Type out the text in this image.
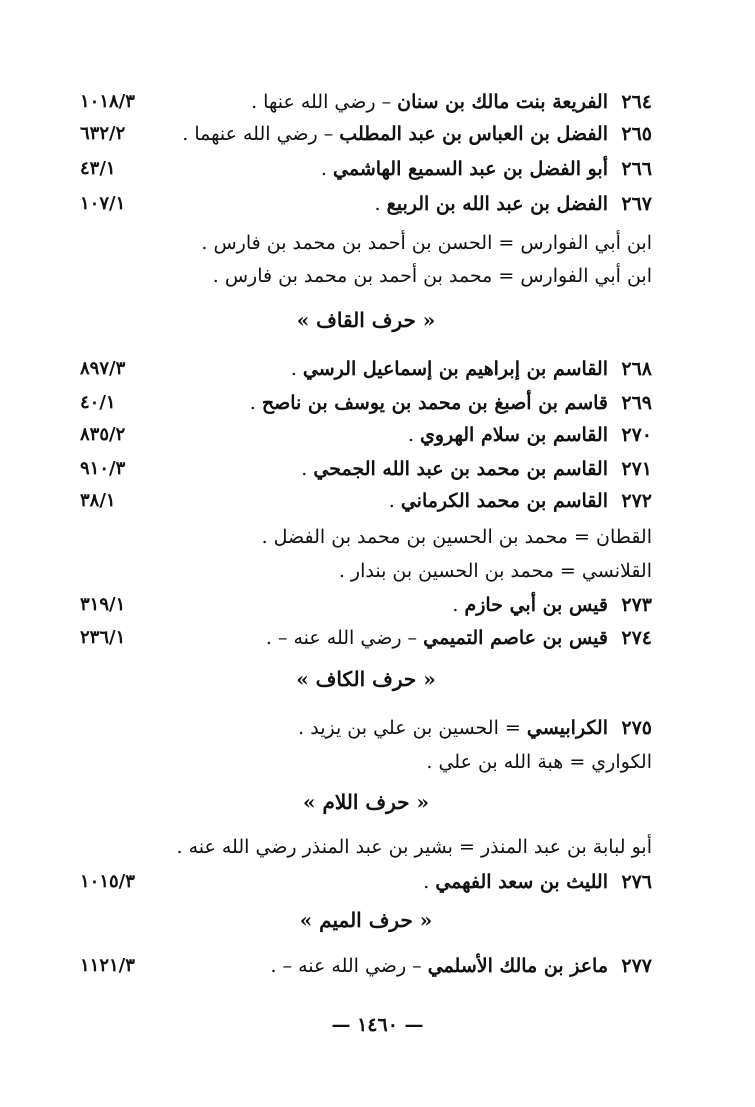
٢٦٤الفريعة بنت مالك بن سنان – رضي الله عنها .
١٠١٨/٣
٢٦٥الفضل بن العباس بن عبد المطلب – رضي الله عنهما .
٦٣٢/٢
٢٦٦أبو الفضل بن عبد السميع الهاشمي .
٤٣/١
٢٦٧الفضل بن عبد الله بن الربيع .
١٠٧/١
ابن أبي الفوارس = الحسن بن أحمد بن محمد بن فارس .
ابن أبي الفوارس = محمد بن أحمد بن محمد بن فارس .
« حرف القاف »
٢٦٨القاسم بن إبراهيم بن إسماعيل الرسي .
٨٩٧/٣
٢٦٩قاسم بن أصبغ بن محمد بن يوسف بن ناصح .
٤٠/١
٢٧٠القاسم بن سلام الهروي .
٨٣٥/٢
٢٧١القاسم بن محمد بن عبد الله الجمحي .
٩١٠/٣
٢٧٢القاسم بن محمد الكرماني .
٣٨/١
القطان = محمد بن الحسين بن محمد بن الفضل .
القلانسي = محمد بن الحسين بن بندار .
٢٧٣قيس بن أبي حازم .
٣١٩/١
٢٧٤قيس بن عاصم التميمي – رضي الله عنه – .
٢٣٦/١
« حرف الكاف »
٢٧٥الكرابيسي = الحسين بن علي بن يزيد .
الكواري = هبة الله بن علي .
« حرف اللام »
أبو لبابة بن عبد المنذر = بشير بن عبد المنذر رضي الله عنه .
٢٧٦الليث بن سعد الفهمي .
١٠١٥/٣
« حرف الميم »
٢٧٧ماعز بن مالك الأسلمي – رضي الله عنه – .
١١٢١/٣
— ١٤٦٠ —
